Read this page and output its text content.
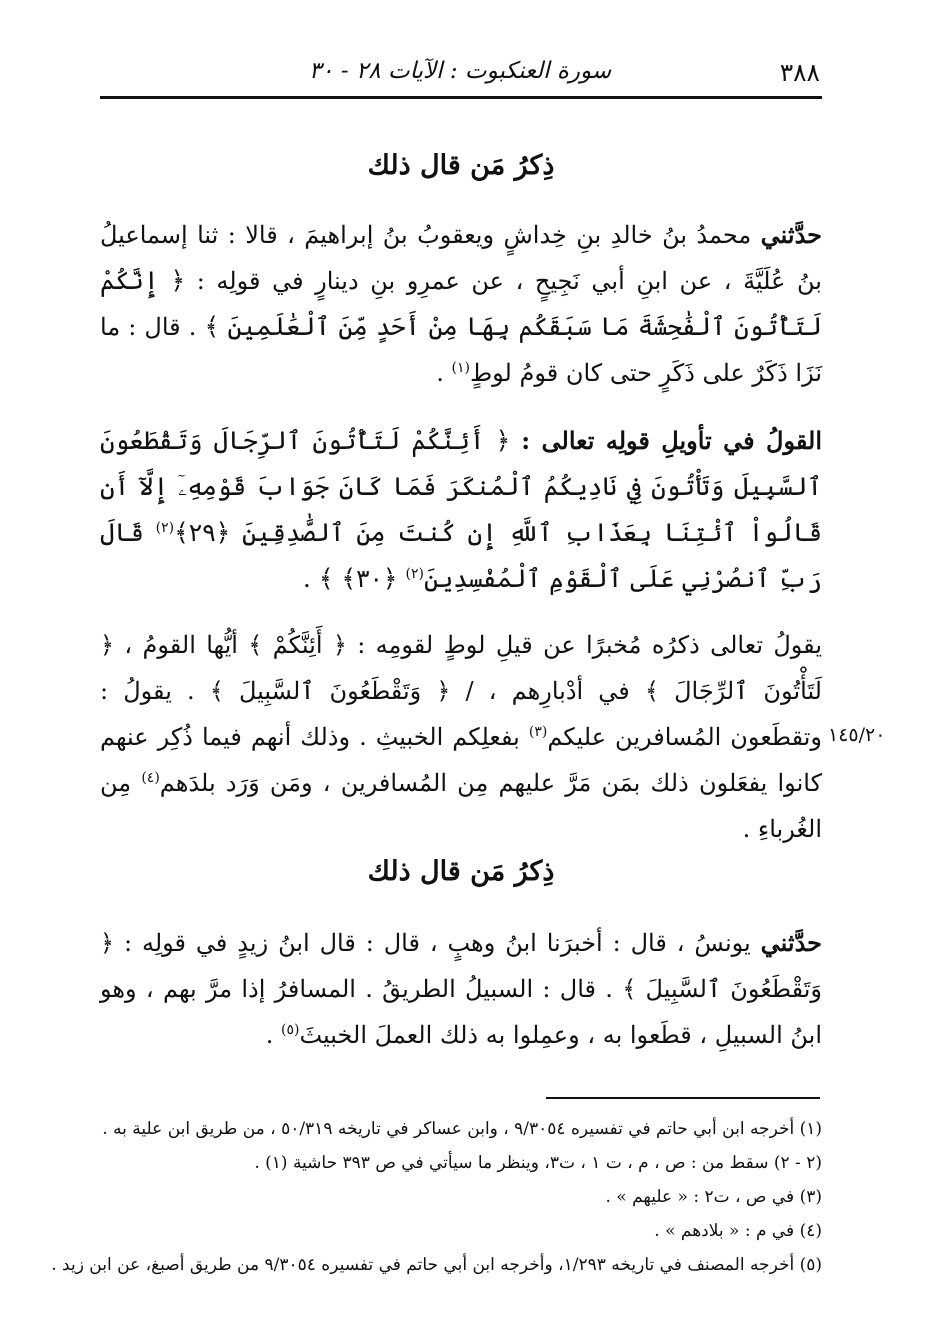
٣٨٨
سورة العنكبوت : الآيات ٢٨ - ٣٠
ذِكرُ مَن قال ذلك
حدَّثني محمدُ بنُ خالدِ بنِ خِداشٍ ويعقوبُ بنُ إبراهيمَ ، قالا : ثنا إسماعيلُ بنُ عُلَيَّةَ ، عن ابنِ أبي نَجِيحٍ ، عن عمرِو بنِ دينارٍ في قولِه : ﴿ إِنَّكُمْ لَتَأْتُونَ ٱلْفَٰحِشَةَ مَا سَبَقَكُم بِهَا مِنْ أَحَدٍ مِّنَ ٱلْعَٰلَمِينَ ﴾ . قال : ما نَزَا ذَكَرٌ على ذَكَرٍ حتى كان قومُ لوطٍ$^{(١)}$ .
القولُ في تأويلِ قولِه تعالى : ﴿ أَئِنَّكُمْ لَتَأْتُونَ ٱلرِّجَالَ وَتَقْطَعُونَ ٱلسَّبِيلَ وَتَأْتُونَ فِي نَادِيكُمُ ٱلْمُنكَرَ فَمَا كَانَ جَوَابَ قَوْمِهِۦٓ إِلَّآ أَن قَالُواْ ٱئْتِنَا بِعَذَابِ ٱللَّهِ إِن كُنتَ مِنَ ٱلصَّٰدِقِينَ ﴿٢٩﴾$^{(٢)}$ قَالَ رَبِّ ٱنصُرْنِي عَلَى ٱلْقَوْمِ ٱلْمُفْسِدِينَ$^{(٢)}$ ﴿٣٠﴾ ﴾ .
يقولُ تعالى ذكرُه مُخبرًا عن قيلِ لوطٍ لقومِه : ﴿ أَئِنَّكُمْ ﴾ أيُّها القومُ ، ﴿ لَتَأْتُونَ ٱلرِّجَالَ ﴾ في أدْبارِهم ، / ﴿ وَتَقْطَعُونَ ٱلسَّبِيلَ ﴾ . يقولُ : وتقطَعون المُسافرين عليكم$^{(٣)}$ بفعلِكم الخبيثِ . وذلك أنهم فيما ذُكِر عنهم كانوا يفعَلون ذلك بمَن مَرَّ عليهم مِن المُسافرين ، ومَن وَرَد بلدَهم$^{(٤)}$ مِن الغُرباءِ .
١٤٥/٢٠
ذِكرُ مَن قال ذلك
حدَّثني يونسُ ، قال : أخبرَنا ابنُ وهبٍ ، قال : قال ابنُ زيدٍ في قولِه : ﴿ وَتَقْطَعُونَ ٱلسَّبِيلَ ﴾ . قال : السبيلُ الطريقُ . المسافرُ إذا مرَّ بهم ، وهو ابنُ السبيلِ ، قطَعوا به ، وعمِلوا به ذلك العملَ الخبيثَ$^{(٥)}$ .
(١) أخرجه ابن أبي حاتم في تفسيره ٩/٣٠٥٤ ، وابن عساكر في تاريخه ٥٠/٣١٩ ، من طريق ابن علية به .
(٢ - ٢) سقط من : ص ، م ، ت ١ ، ت٣، وينظر ما سيأتي في ص ٣٩٣ حاشية (١) .
(٣) في ص ، ت٢ : « عليهم » .
(٤) في م : « بلادهم » .
(٥) أخرجه المصنف في تاريخه ١/٢٩٣، وأخرجه ابن أبي حاتم في تفسيره ٩/٣٠٥٤ من طريق أصبغ، عن ابن زيد .
